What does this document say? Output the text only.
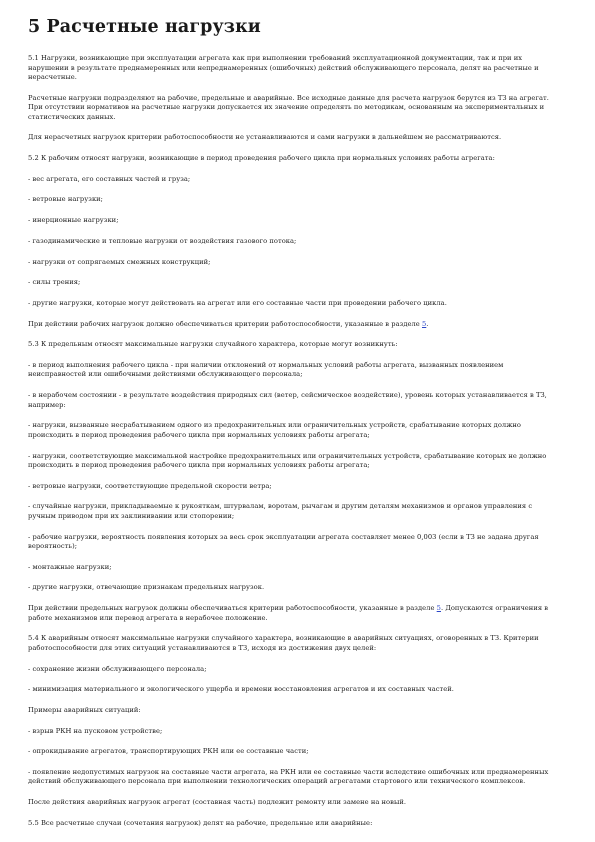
5 Расчетные нагрузки

5.1 Нагрузки, возникающие при эксплуатации агрегата как при выполнении требований эксплуатационной документации, так и при их нарушении в результате преднамеренных или непреднамеренных (ошибочных) действий обслуживающего персонала, делят на расчетные и нерасчетные.

Расчетные нагрузки подразделяют на рабочие, предельные и аварийные. Все исходные данные для расчета нагрузок берутся из ТЗ на агрегат. При отсутствии нормативов на расчетные нагрузки допускается их значение определять по методикам, основанным на экспериментальных и статистических данных.

Для нерасчетных нагрузок критерии работоспособности не устанавливаются и сами нагрузки в дальнейшем не рассматриваются.

5.2 К рабочим относят нагрузки, возникающие в период проведения рабочего цикла при нормальных условиях работы агрегата:

- вес агрегата, его составных частей и груза;

- ветровые нагрузки;

- инерционные нагрузки;

- газодинамические и тепловые нагрузки от воздействия газового потока;

- нагрузки от сопрягаемых смежных конструкций;

- силы трения;

- другие нагрузки, которые могут действовать на агрегат или его составные части при проведении рабочего цикла.

При действии рабочих нагрузок должно обеспечиваться критерии работоспособности, указанные в разделе 5.

5.3 К предельным относят максимальные нагрузки случайного характера, которые могут возникнуть:

- в период выполнения рабочего цикла - при наличии отклонений от нормальных условий работы агрегата, вызванных появлением неисправностей или ошибочными действиями обслуживающего персонала;

- в нерабочем состоянии - в результате воздействия природных сил (ветер, сейсмическое воздействие), уровень которых устанавливается в ТЗ, например:

- нагрузки, вызванные несрабатыванием одного из предохранительных или ограничительных устройств, срабатывание которых должно происходить в период проведения рабочего цикла при нормальных условиях работы агрегата;

- нагрузки, соответствующие максимальной настройке предохранительных или ограничительных устройств, срабатывание которых не должно происходить в период проведения рабочего цикла при нормальных условиях работы агрегата;

- ветровые нагрузки, соответствующие предельной скорости ветра;

- случайные нагрузки, прикладываемые к рукояткам, штурвалам, воротам, рычагам и другим деталям механизмов и органов управления с ручным приводом при их заклинивании или стопорении;

- рабочие нагрузки, вероятность появления которых за весь срок эксплуатации агрегата составляет менее 0,003 (если в ТЗ не задана другая вероятность);

- монтажные нагрузки;

- другие нагрузки, отвечающие признакам предельных нагрузок.

При действии предельных нагрузок должны обеспечиваться критерии работоспособности, указанные в разделе 5. Допускаются ограничения в работе механизмов или перевод агрегата в нерабочее положение.

5.4 К аварийным относят максимальные нагрузки случайного характера, возникающие в аварийных ситуациях, оговоренных в ТЗ. Критерии работоспособности для этих ситуаций устанавливаются в ТЗ, исходя из достижения двух целей:

- сохранение жизни обслуживающего персонала;

- минимизация материального и экологического ущерба и времени восстановления агрегатов и их составных частей.

Примеры аварийных ситуаций:

- взрыв РКН на пусковом устройстве;

- опрокидывание агрегатов, транспортирующих РКН или ее составные части;

- появление недопустимых нагрузок на составные части агрегата, на РКН или ее составные части вследствие ошибочных или преднамеренных действий обслуживающего персонала при выполнении технологических операций агрегатами стартового или технического комплексов.

После действия аварийных нагрузок агрегат (составная часть) подлежит ремонту или замене на новый.

5.5 Все расчетные случаи (сочетания нагрузок) делят на рабочие, предельные или аварийные:
